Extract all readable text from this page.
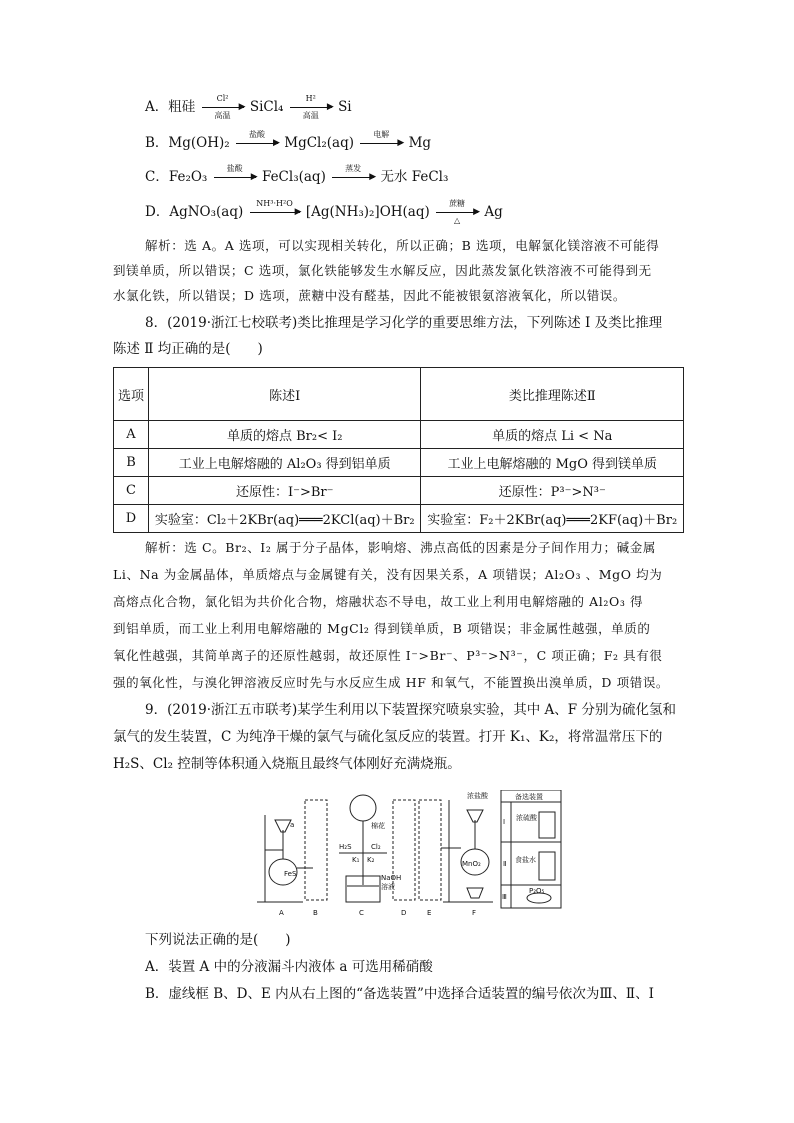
A．粗硅
Cl²
▶
高温	SiCl₄
H²
▶
高温	Si
B．Mg(OH)₂
盐酸
▶ MgCl₂(aq)
电解
▶ Mg
C．Fe₂O₃
盐酸
▶ FeCl₃(aq)
蒸发
▶ 无水 FeCl₃
D．AgNO₃(aq)
NH³·H²O
▶ [Ag(NH₃)₂]OH(aq)
蔗糖
▶
△	Ag
解析：选 A。A 选项，可以实现相关转化，所以正确；B 选项，电解氯化镁溶液不可能得
到镁单质，所以错误；C 选项，氯化铁能够发生水解反应，因此蒸发氯化铁溶液不可能得到无
水氯化铁，所以错误；D 选项，蔗糖中没有醛基，因此不能被银氨溶液氧化，所以错误。
8．(2019·浙江七校联考)类比推理是学习化学的重要思维方法，下列陈述 Ⅰ 及类比推理
陈述 Ⅱ 均正确的是(　　)
选项	陈述Ⅰ	类比推理陈述Ⅱ
A	单质的熔点 Br₂< I₂	单质的熔点 Li < Na
B	工业上电解熔融的 Al₂O₃ 得到铝单质	工业上电解熔融的 MgO 得到镁单质
C	还原性：I⁻>Br⁻	还原性：P³⁻>N³⁻
D	实验室：Cl₂＋2KBr(aq)═══2KCl(aq)＋Br₂	实验室：F₂＋2KBr(aq)═══2KF(aq)＋Br₂
解析：选 C。Br₂、I₂ 属于分子晶体，影响熔、沸点高低的因素是分子间作用力；碱金属
Li、Na 为金属晶体，单质熔点与金属键有关，没有因果关系，A 项错误；Al₂O₃ 、MgO 均为
高熔点化合物，氯化铝为共价化合物，熔融状态不导电，故工业上利用电解熔融的 Al₂O₃ 得
到铝单质，而工业上利用电解熔融的 MgCl₂ 得到镁单质，B 项错误；非金属性越强，单质的
氧化性越强，其简单离子的还原性越弱，故还原性 I⁻>Br⁻、P³⁻>N³⁻，C 项正确；F₂ 具有很
强的氧化性，与溴化钾溶液反应时先与水反应生成 HF 和氧气，不能置换出溴单质，D 项错误。
9．(2019·浙江五市联考)某学生利用以下装置探究喷泉实验，其中 A、F 分别为硫化氢和
氯气的发生装置，C 为纯净干燥的氯气与硫化氢反应的装置。打开 K₁、K₂，将常温常压下的
H₂S、Cl₂ 控制等体积通入烧瓶且最终气体刚好充满烧瓶。
a
FeS
A	B
棉花
H₂S	Cl₂
K₁ K₂
NaOH
溶液
C	D	E
MnO₂
浓盐酸
F
备选装置
Ⅰ
Ⅱ
Ⅲ
浓硫酸
食盐水
P₂O₅
下列说法正确的是(　　)
A．装置 A 中的分液漏斗内液体 a 可选用稀硝酸
B．虚线框 B、D、E 内从右上图的“备选装置”中选择合适装置的编号依次为Ⅲ、Ⅱ、Ⅰ
